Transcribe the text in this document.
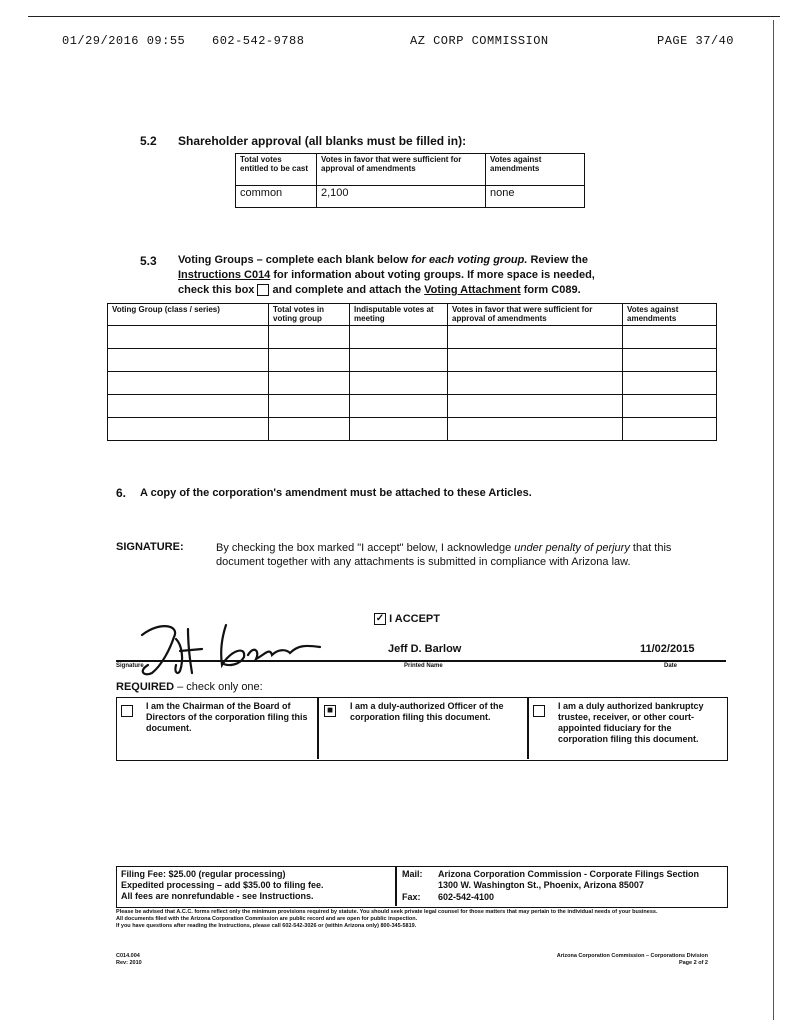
01/29/2016 09:55 602-542-9788	AZ CORP COMMISSION	PAGE 37/40
5.2 Shareholder approval (all blanks must be filled in):
Total votes entitled to be cast	Votes in favor that were sufficient for approval of amendments	Votes against amendments
common	2,100	none
5.3 Voting Groups – complete each blank below for each voting group. Review the
Instructions C014 for information about voting groups. If more space is needed,
check this box and complete and attach the Voting Attachment form C089.
Voting Group (class / series)	Total votes in voting group	Indisputable votes at meeting	Votes in favor that were sufficient for approval of amendments	Votes against amendments

6. A copy of the corporation's amendment must be attached to these Articles.
SIGNATURE:	By checking the box marked "I accept" below, I acknowledge under penalty of perjury that this document together with any attachments is submitted in compliance with Arizona law.
✓ I ACCEPT
Jeff D. Barlow	11/02/2015
Signature	Printed Name	Date
REQUIRED – check only one:
I am the Chairman of the Board of Directors of the corporation filing this document.
■	I am a duly-authorized Officer of the corporation filing this document.
I am a duly authorized bankruptcy trustee, receiver, or other court-appointed fiduciary for the corporation filing this document.
Filing Fee: $25.00 (regular processing)
Expedited processing – add $35.00 to filing fee.
All fees are nonrefundable - see Instructions.
Mail: Arizona Corporation Commission - Corporate Filings Section
1300 W. Washington St., Phoenix, Arizona 85007
Fax: 602-542-4100
Please be advised that A.C.C. forms reflect only the minimum provisions required by statute. You should seek private legal counsel for those matters that may pertain to the individual needs of your business.
All documents filed with the Arizona Corporation Commission are public record and are open for public inspection.
If you have questions after reading the Instructions, please call 602-542-3026 or (within Arizona only) 800-345-5819.
C014.004
Rev: 2010
Arizona Corporation Commission – Corporations Division
Page 2 of 2
